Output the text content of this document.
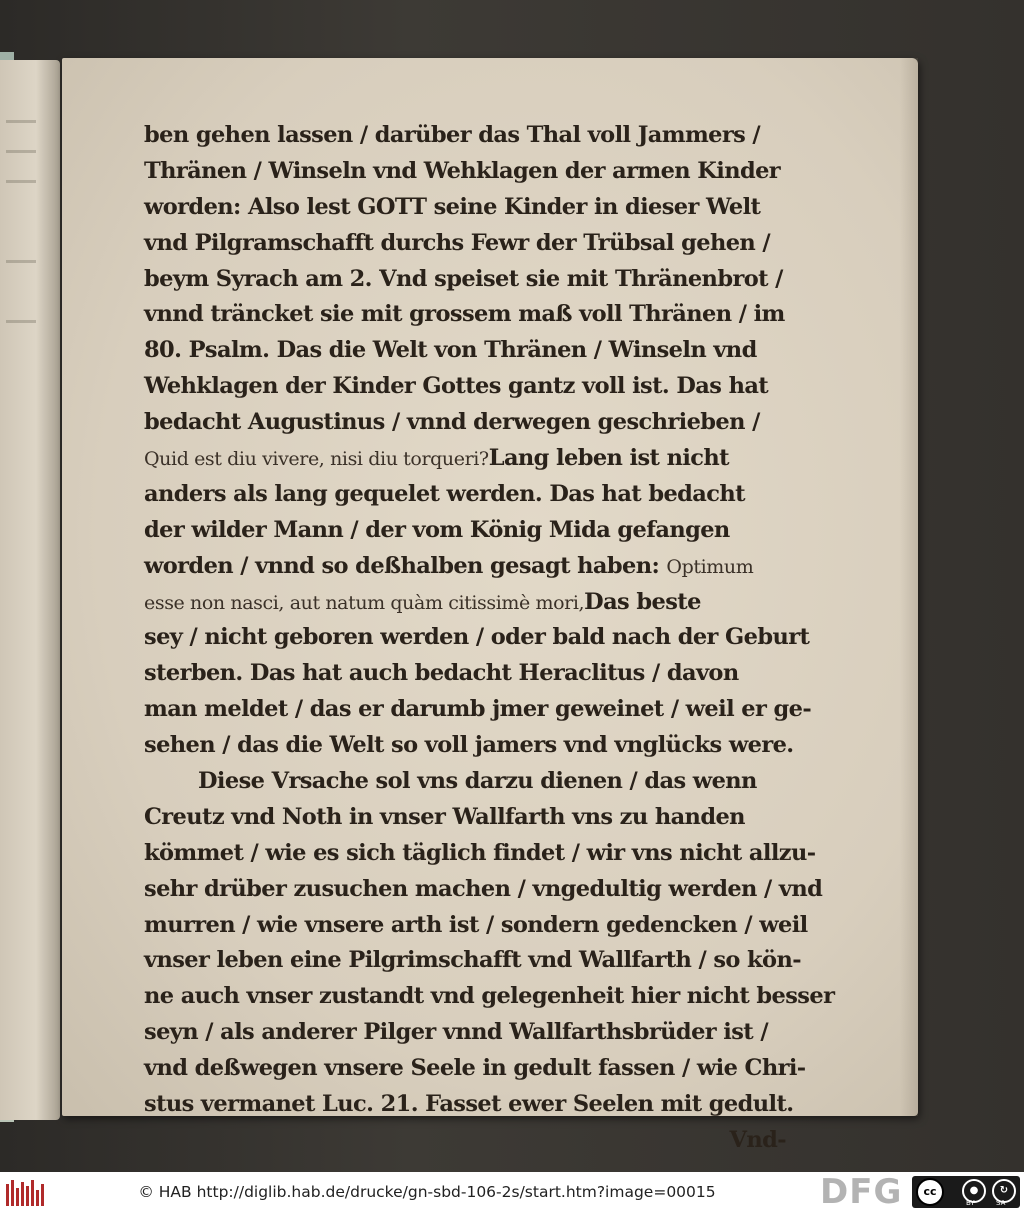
ben gehen lassen / darüber das Thal voll Jammers /
Thränen / Winseln vnd Wehklagen der armen Kinder
worden: Also lest GOTT seine Kinder in dieser Welt
vnd Pilgramschafft durchs Fewr der Trübsal gehen /
beym Syrach am 2. Vnd speiset sie mit Thränenbrot /
vnnd träncket sie mit grossem maß voll Thränen / im
80. Psalm. Das die Welt von Thränen / Winseln vnd
Wehklagen der Kinder Gottes gantz voll ist. Das hat
bedacht Augustinus / vnnd derwegen geschrieben /
Quid est diu vivere, nisi diu torqueri?Lang leben ist nicht
anders als lang gequelet werden. Das hat bedacht
der wilder Mann / der vom König Mida gefangen
worden / vnnd so deßhalben gesagt haben: Optimum
esse non nasci, aut natum quàm citissimè mori,Das beste
sey / nicht geboren werden / oder bald nach der Geburt
sterben. Das hat auch bedacht Heraclitus / davon
man meldet / das er darumb jmer geweinet / weil er ge-
sehen / das die Welt so voll jamers vnd vnglücks were.
Diese Vrsache sol vns darzu dienen / das wenn
Creutz vnd Noth in vnser Wallfarth vns zu handen
kömmet / wie es sich täglich findet / wir vns nicht allzu-
sehr drüber zusuchen machen / vngedultig werden / vnd
murren / wie vnsere arth ist / sondern gedencken / weil
vnser leben eine Pilgrimschafft vnd Wallfarth / so kön-
ne auch vnser zustandt vnd gelegenheit hier nicht besser
seyn / als anderer Pilger vnnd Wallfarthsbrüder ist /
vnd deßwegen vnsere Seele in gedult fassen / wie Chri-
stus vermanet Luc. 21. Fasset ewer Seelen mit gedult.
Vnd-
© HAB http://diglib.hab.de/drucke/gn-sbd-106-2s/start.htm?image=00015	DFG	cc	●	↻
BY	SA
